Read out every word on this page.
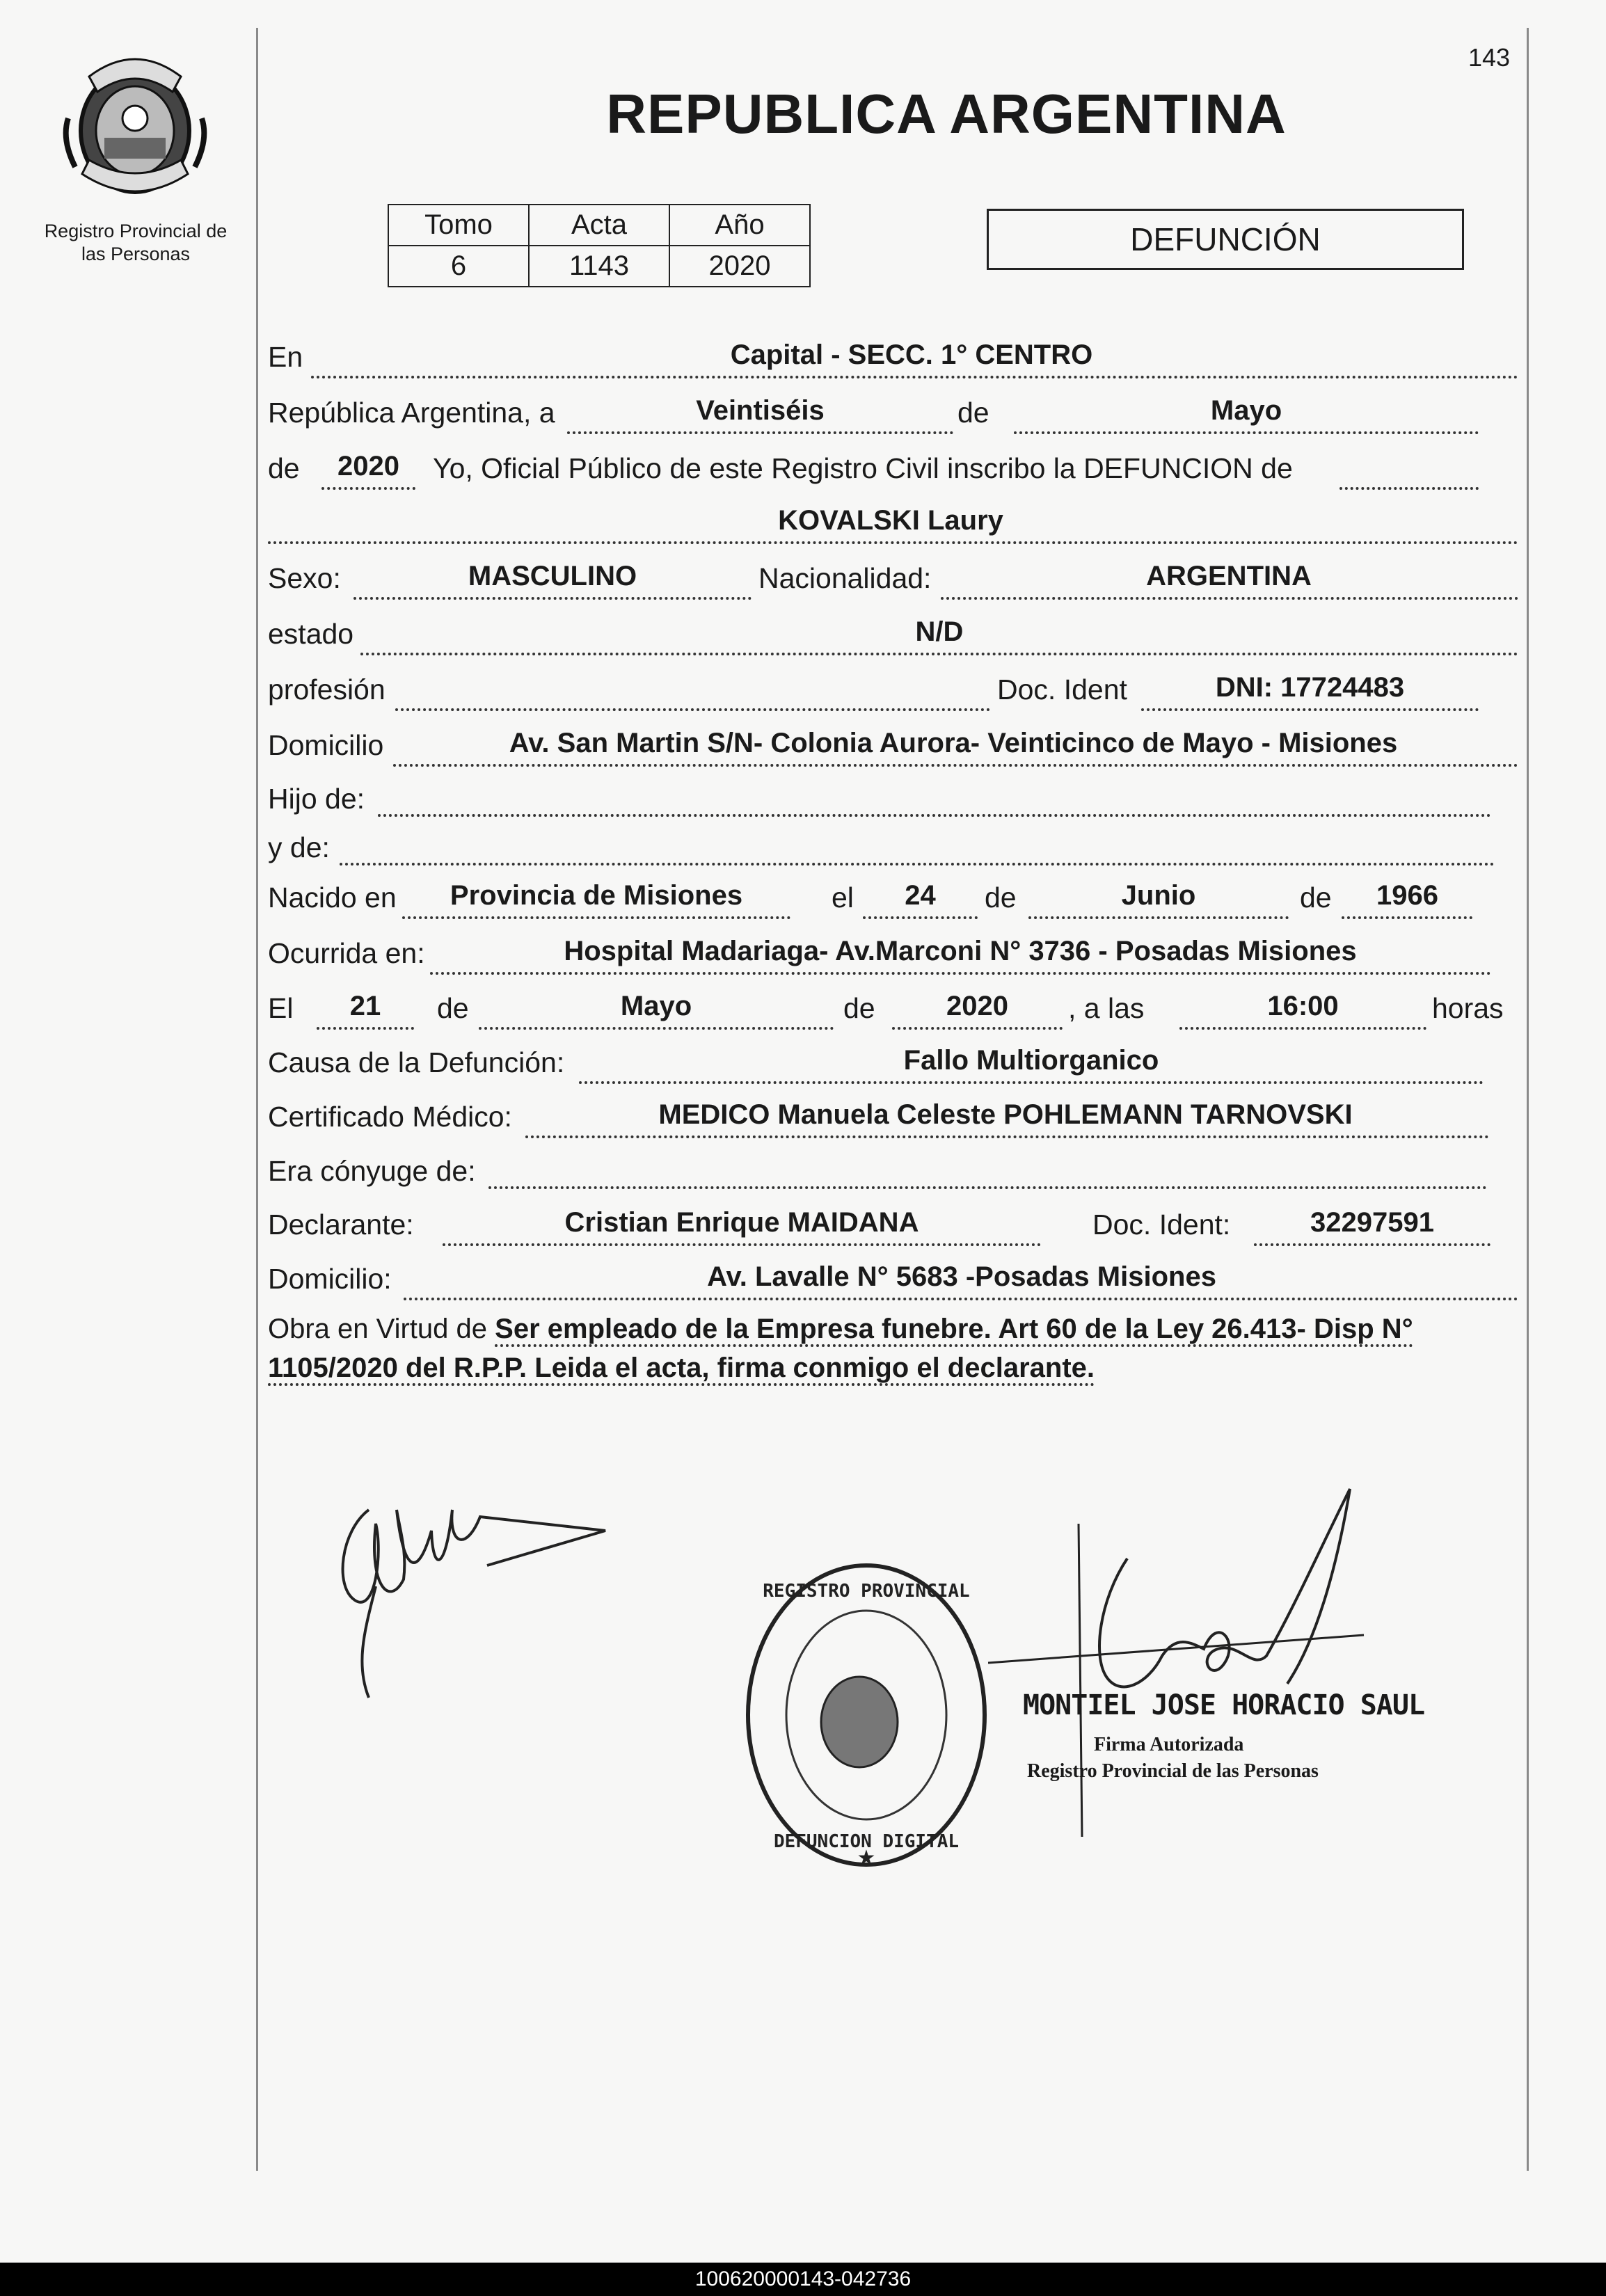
Registro Provincial de
las Personas
143
REPUBLICA ARGENTINA
Tomo	Acta	Año
6	1143	2020
DEFUNCIÓN
En	Capital - SECC. 1° CENTRO
República Argentina, a	Veintiséis	de	Mayo
de	2020	Yo, Oficial Público de este Registro Civil inscribo la DEFUNCION de
KOVALSKI Laury
Sexo:	MASCULINO	Nacionalidad:	ARGENTINA
estado	N/D
profesión	Doc. Ident	DNI: 17724483
Domicilio	Av. San Martin S/N- Colonia Aurora- Veinticinco de Mayo - Misiones
Hijo de:
y de:
Nacido en	Provincia de Misiones	el	24	de	Junio	de	1966
Ocurrida en:	Hospital Madariaga- Av.Marconi N° 3736 - Posadas Misiones
El	21	de	Mayo	de	2020	, a las	16:00	horas
Causa de la Defunción:	Fallo Multiorganico
Certificado Médico:	MEDICO Manuela Celeste POHLEMANN TARNOVSKI
Era cónyuge de:
Declarante:	Cristian Enrique MAIDANA	Doc. Ident:	32297591
Domicilio:	Av. Lavalle N° 5683 -Posadas Misiones
Obra en Virtud de Ser empleado de la Empresa funebre. Art 60 de la Ley 26.413- Disp N° 1105/2020 del R.P.P. Leida el acta, firma conmigo el declarante.
REGISTRO PROVINCIAL
DEFUNCION DIGITAL
★
MONTIEL JOSE HORACIO SAUL
Firma Autorizada
Registro Provincial de las Personas
100620000143-042736
